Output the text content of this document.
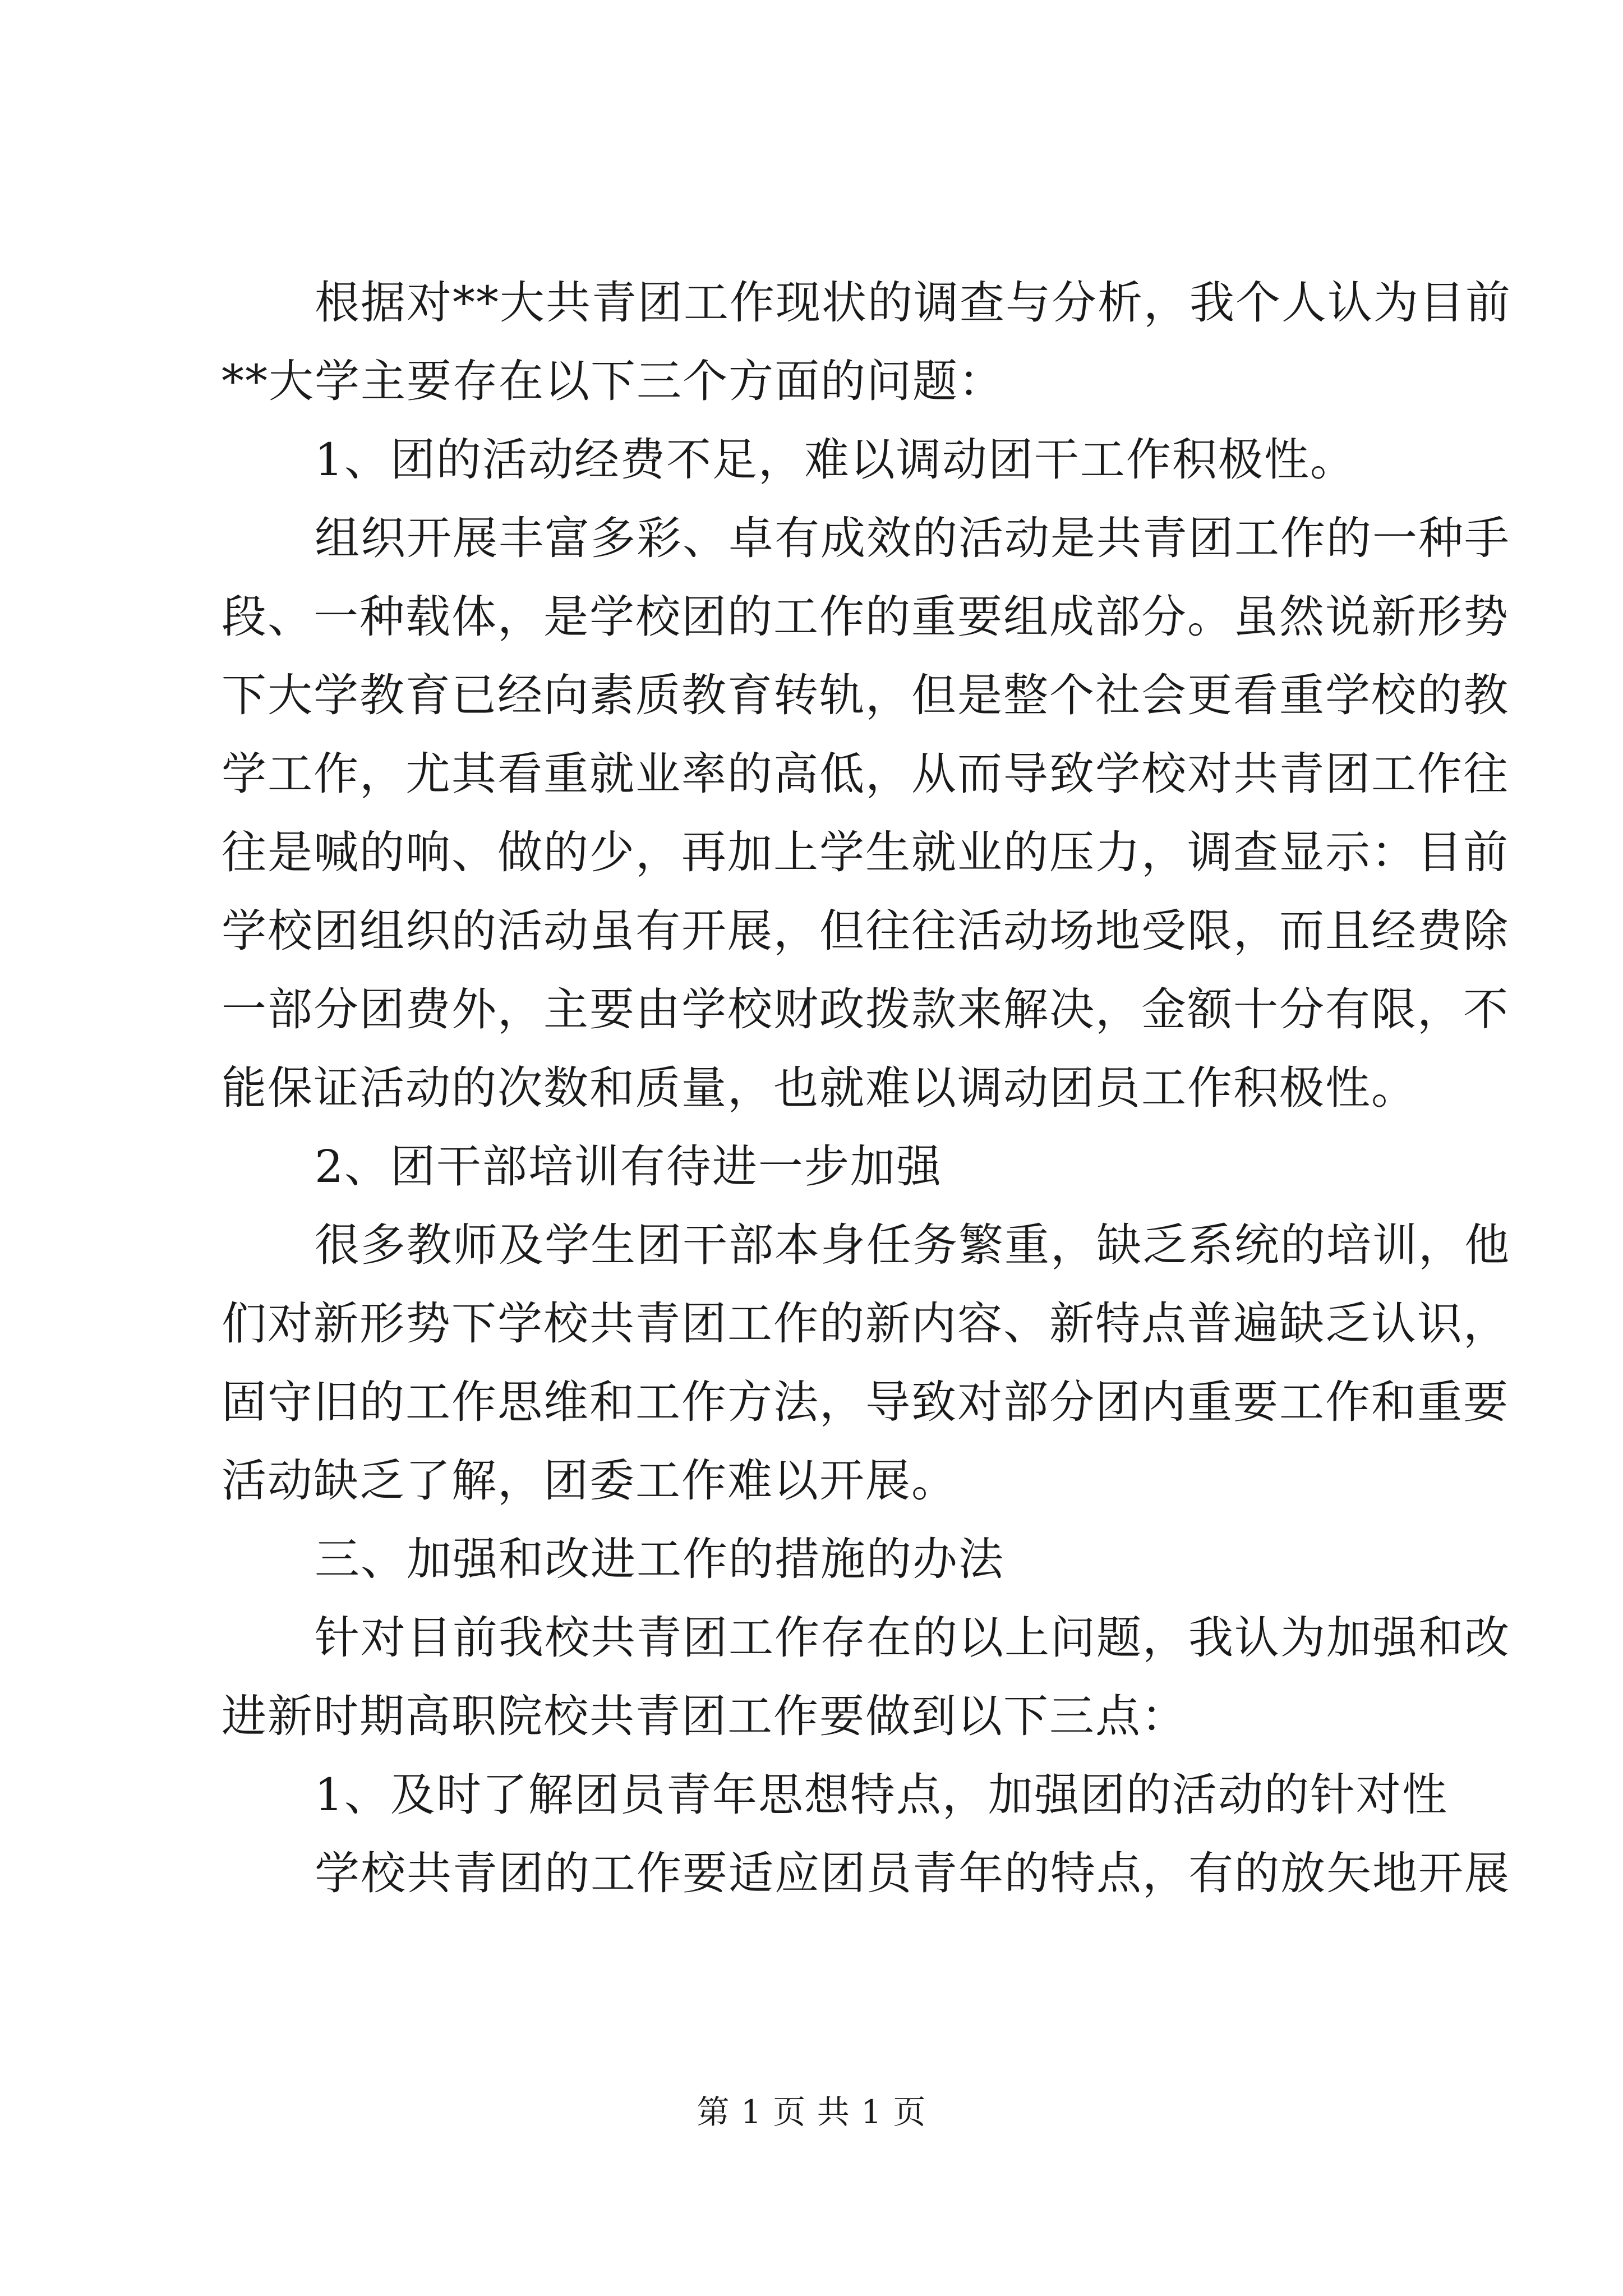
根据对**大共青团工作现状的调查与分析，我个人认为目前
**大学主要存在以下三个方面的问题：
1、团的活动经费不足，难以调动团干工作积极性。
组织开展丰富多彩、卓有成效的活动是共青团工作的一种手
段、一种载体，是学校团的工作的重要组成部分。虽然说新形势
下大学教育已经向素质教育转轨，但是整个社会更看重学校的教
学工作，尤其看重就业率的高低，从而导致学校对共青团工作往
往是喊的响、做的少，再加上学生就业的压力，调查显示：目前
学校团组织的活动虽有开展，但往往活动场地受限，而且经费除
一部分团费外，主要由学校财政拨款来解决，金额十分有限，不
能保证活动的次数和质量，也就难以调动团员工作积极性。
2、团干部培训有待进一步加强
很多教师及学生团干部本身任务繁重，缺乏系统的培训，他
们对新形势下学校共青团工作的新内容、新特点普遍缺乏认识，
固守旧的工作思维和工作方法，导致对部分团内重要工作和重要
活动缺乏了解，团委工作难以开展。
三、加强和改进工作的措施的办法
针对目前我校共青团工作存在的以上问题，我认为加强和改
进新时期高职院校共青团工作要做到以下三点：
1、及时了解团员青年思想特点，加强团的活动的针对性
学校共青团的工作要适应团员青年的特点，有的放矢地开展
第 1 页 共 1 页
